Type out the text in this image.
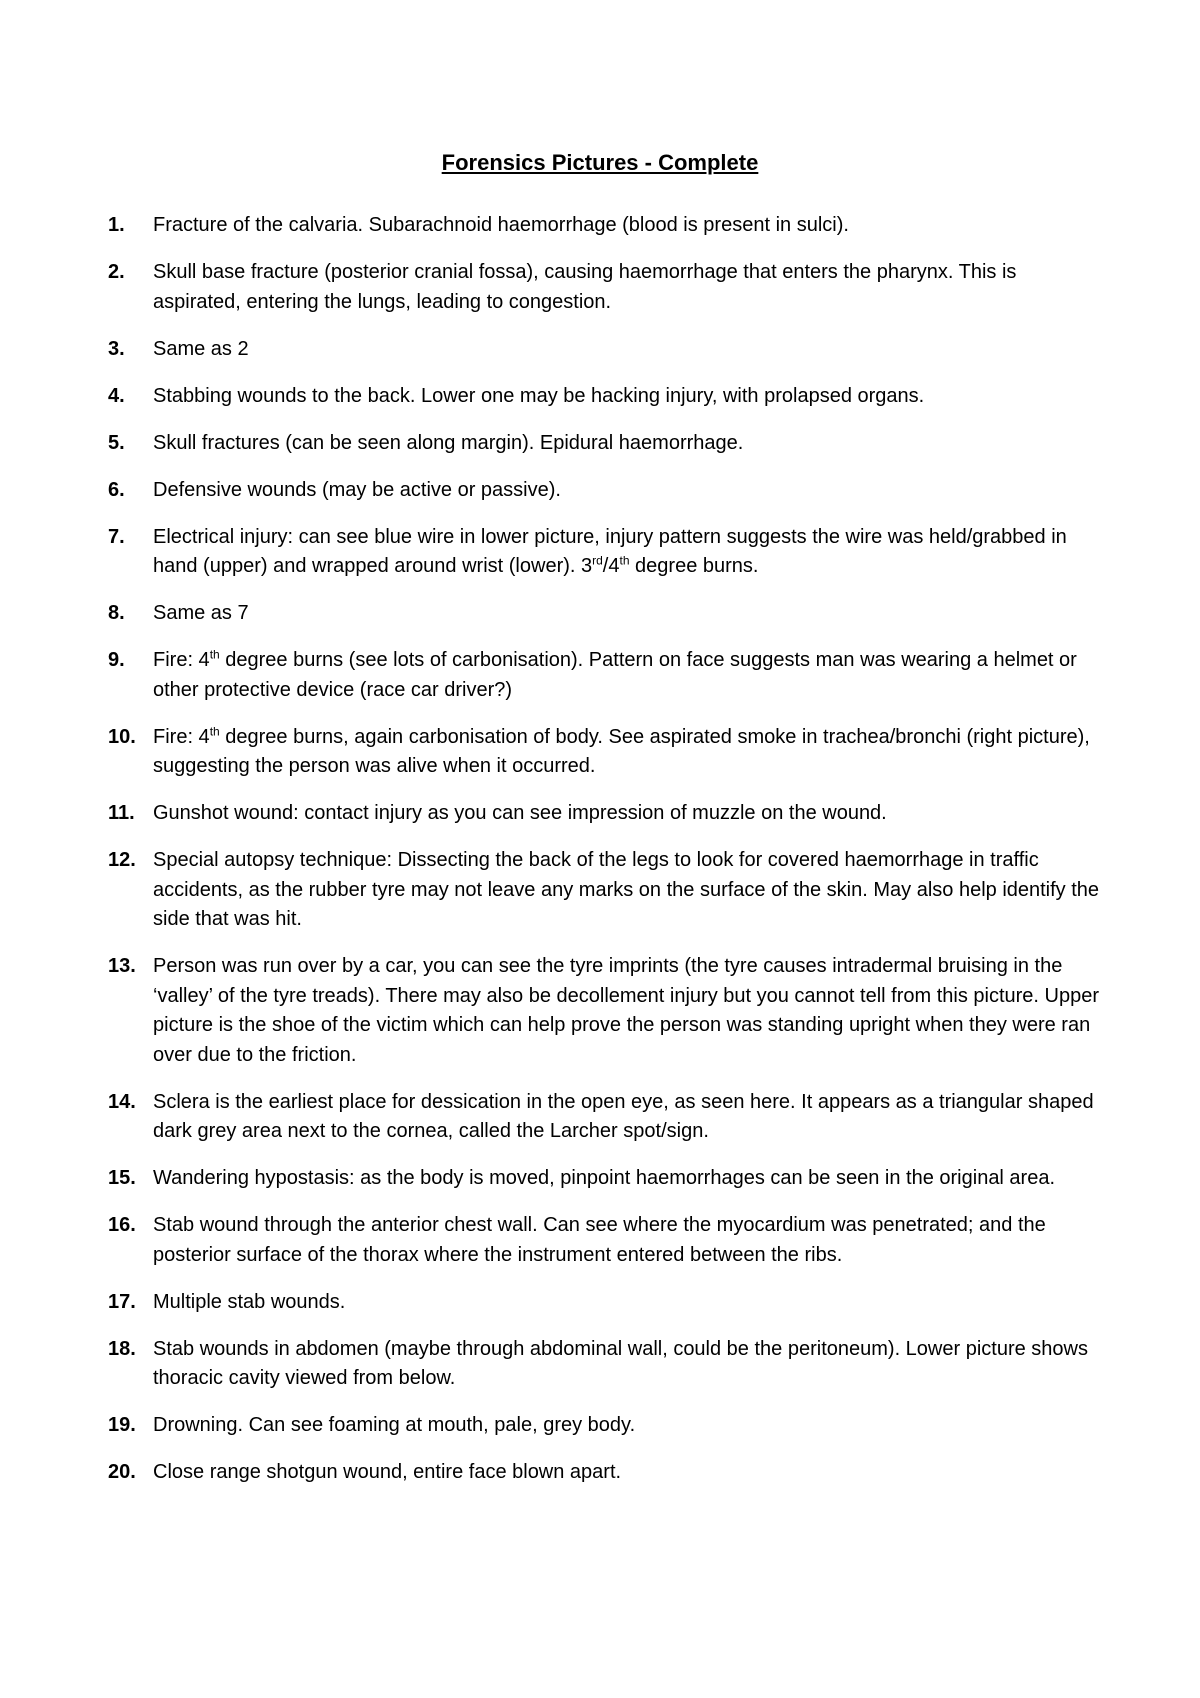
Forensics Pictures - Complete
1. Fracture of the calvaria. Subarachnoid haemorrhage (blood is present in sulci).
2. Skull base fracture (posterior cranial fossa), causing haemorrhage that enters the pharynx. This is aspirated, entering the lungs, leading to congestion.
3. Same as 2
4. Stabbing wounds to the back. Lower one may be hacking injury, with prolapsed organs.
5. Skull fractures (can be seen along margin). Epidural haemorrhage.
6. Defensive wounds (may be active or passive).
7. Electrical injury: can see blue wire in lower picture, injury pattern suggests the wire was held/grabbed in hand (upper) and wrapped around wrist (lower). 3rd/4th degree burns.
8. Same as 7
9. Fire: 4th degree burns (see lots of carbonisation). Pattern on face suggests man was wearing a helmet or other protective device (race car driver?)
10. Fire: 4th degree burns, again carbonisation of body. See aspirated smoke in trachea/bronchi (right picture), suggesting the person was alive when it occurred.
11. Gunshot wound: contact injury as you can see impression of muzzle on the wound.
12. Special autopsy technique: Dissecting the back of the legs to look for covered haemorrhage in traffic accidents, as the rubber tyre may not leave any marks on the surface of the skin. May also help identify the side that was hit.
13. Person was run over by a car, you can see the tyre imprints (the tyre causes intradermal bruising in the ‘valley’ of the tyre treads). There may also be decollement injury but you cannot tell from this picture. Upper picture is the shoe of the victim which can help prove the person was standing upright when they were ran over due to the friction.
14. Sclera is the earliest place for dessication in the open eye, as seen here. It appears as a triangular shaped dark grey area next to the cornea, called the Larcher spot/sign.
15. Wandering hypostasis: as the body is moved, pinpoint haemorrhages can be seen in the original area.
16. Stab wound through the anterior chest wall. Can see where the myocardium was penetrated; and the posterior surface of the thorax where the instrument entered between the ribs.
17. Multiple stab wounds.
18. Stab wounds in abdomen (maybe through abdominal wall, could be the peritoneum). Lower picture shows thoracic cavity viewed from below.
19. Drowning. Can see foaming at mouth, pale, grey body.
20. Close range shotgun wound, entire face blown apart.
